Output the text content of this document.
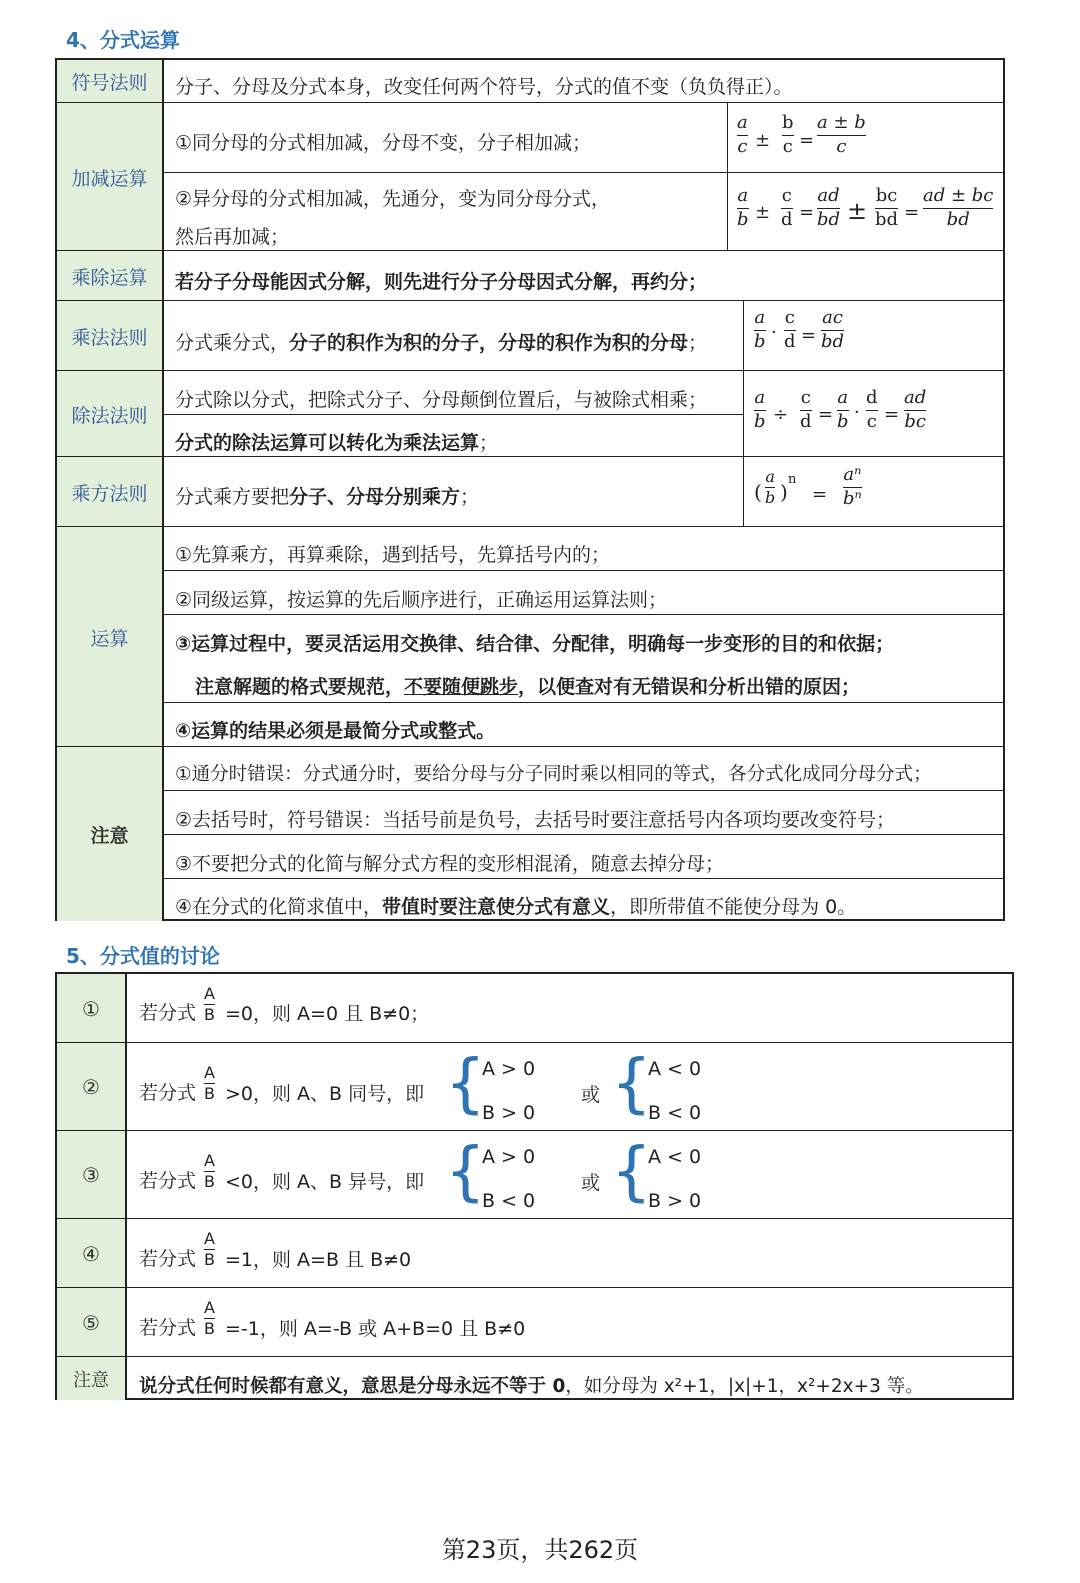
4、分式运算
符号法则
加减运算
乘除运算
乘法法则
除法法则
乘方法则
运算
注意
分子、分母及分式本身，改变任何两个符号，分式的值不变（负负得正）。
①同分母的分式相加减，分母不变，分子相加减；
②异分母的分式相加减，先通分，变为同分母分式，
然后再加减；
若分子分母能因式分解，则先进行分子分母因式分解，再约分；
分式乘分式，分子的积作为积的分子，分母的积作为积的分母；
分式除以分式，把除式分子、分母颠倒位置后，与被除式相乘；
分式的除法运算可以转化为乘法运算；
分式乘方要把分子、分母分别乘方；
①先算乘方，再算乘除，遇到括号，先算括号内的；
②同级运算，按运算的先后顺序进行，正确运用运算法则；
③运算过程中，要灵活运用交换律、结合律、分配律，明确每一步变形的目的和依据；
注意解题的格式要规范，不要随便跳步，以便查对有无错误和分析出错的原因；
④运算的结果必须是最简分式或整式。
①通分时错误：分式通分时，要给分母与分子同时乘以相同的等式，各分式化成同分母分式；
②去括号时，符号错误：当括号前是负号，去括号时要注意括号内各项均要改变符号；
③不要把分式的化简与解分式方程的变形相混淆，随意去掉分母；
④在分式的化简求值中，带值时要注意使分式有意义，即所带值不能使分母为 0。
a
c ±
b
c =
a ± b
c
a
b ±
c
d =
ad
bd ±
bc
bd =
ad ± bc
bd
a
b ·
c
d =
ac
bd
a
b ÷
c
d =
a
b ·
d
c =
ad
bc
(
a
b )
n
=
aⁿ
bⁿ
5、分式值的讨论
①
②
③
④
⑤
注意
若分式
A
B =0，则 A=0 且 B≠0；
若分式
A
B >0，则 A、B 同号，即 {
A > 0
B > 0
或 {
A < 0
B < 0
若分式
A
B <0，则 A、B 异号，即 {
A > 0
B < 0
或 {
A < 0
B > 0
若分式
A
B =1，则 A=B 且 B≠0
若分式
A
B =-1，则 A=-B 或 A+B=0 且 B≠0
说分式任何时候都有意义，意思是分母永远不等于 0，如分母为 x²+1，|x|+1，x²+2x+3 等。
第23页，共262页
